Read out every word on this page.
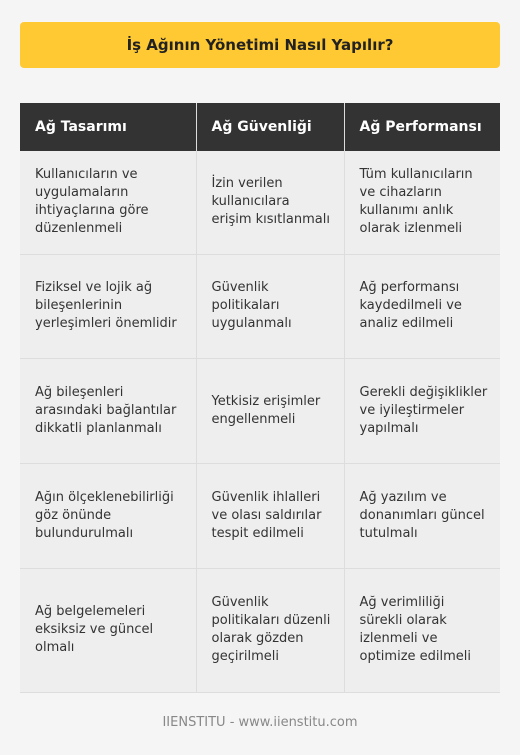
İş Ağının Yönetimi Nasıl Yapılır?
Ağ Tasarımı	Ağ Güvenliği	Ağ Performansı
Kullanıcıların ve uygulamaların ihtiyaçlarına göre düzenlenmeli	İzin verilen kullanıcılara erişim kısıtlanmalı	Tüm kullanıcıların ve cihazların kullanımı anlık olarak izlenmeli
Fiziksel ve lojik ağ bileşenlerinin yerleşimleri önemlidir	Güvenlik politikaları uygulanmalı	Ağ performansı kaydedilmeli ve analiz edilmeli
Ağ bileşenleri arasındaki bağlantılar dikkatli planlanmalı	Yetkisiz erişimler engellenmeli	Gerekli değişiklikler ve iyileştirmeler yapılmalı
Ağın ölçeklenebilirliği göz önünde bulundurulmalı	Güvenlik ihlalleri ve olası saldırılar tespit edilmeli	Ağ yazılım ve donanımları güncel tutulmalı
Ağ belgelemeleri eksiksiz ve güncel olmalı	Güvenlik politikaları düzenli olarak gözden geçirilmeli	Ağ verimliliği sürekli olarak izlenmeli ve optimize edilmeli
IIENSTITU - www.iienstitu.com
